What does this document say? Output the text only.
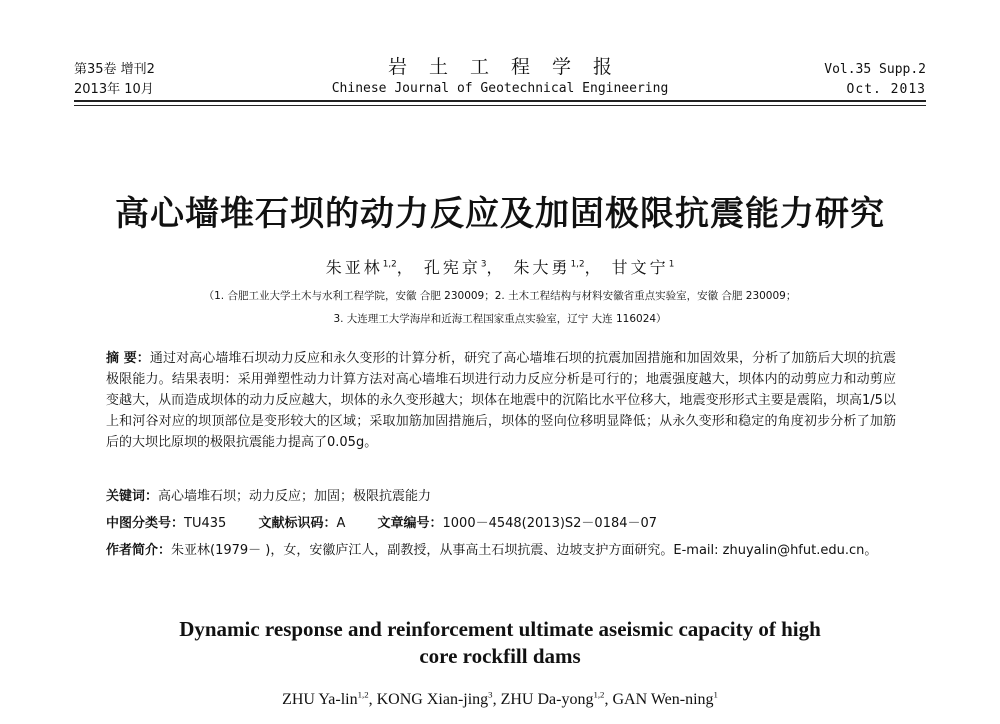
第35卷 增刊2
2013年 10月
岩土工程学报
Chinese Journal of Geotechnical Engineering
Vol.35 Supp.2
Oct. 2013
高心墙堆石坝的动力反应及加固极限抗震能力研究
朱亚林$^{1,2}$， 孔宪京$^3$， 朱大勇$^{1,2}$， 甘文宁$^1$
（1. 合肥工业大学土木与水利工程学院，安徽 合肥 230009；2. 土木工程结构与材料安徽省重点实验室，安徽 合肥 230009；
3. 大连理工大学海岸和近海工程国家重点实验室，辽宁 大连 116024）
摘 要：通过对高心墙堆石坝动力反应和永久变形的计算分析，研究了高心墙堆石坝的抗震加固措施和加固效果，分析了加筋后大坝的抗震极限能力。结果表明：采用弹塑性动力计算方法对高心墙堆石坝进行动力反应分析是可行的；地震强度越大，坝体内的动剪应力和动剪应变越大，从而造成坝体的动力反应越大，坝体的永久变形越大；坝体在地震中的沉陷比水平位移大，地震变形形式主要是震陷，坝高1/5以上和河谷对应的坝顶部位是变形较大的区域；采取加筋加固措施后，坝体的竖向位移明显降低；从永久变形和稳定的角度初步分析了加筋后的大坝比原坝的极限抗震能力提高了0.05g。
关键词：高心墙堆石坝；动力反应；加固；极限抗震能力
中图分类号：TU435 文献标识码：A 文章编号：1000－4548(2013)S2－0184－07
作者简介：朱亚林(1979－ )，女，安徽庐江人，副教授，从事高土石坝抗震、边坡支护方面研究。E-mail: zhuyalin@hfut.edu.cn。
Dynamic response and reinforcement ultimate aseismic capacity of high
core rockfill dams
ZHU Ya-lin$^{1,2}$, KONG Xian-jing$^3$, ZHU Da-yong$^{1,2}$, GAN Wen-ning$^1$
